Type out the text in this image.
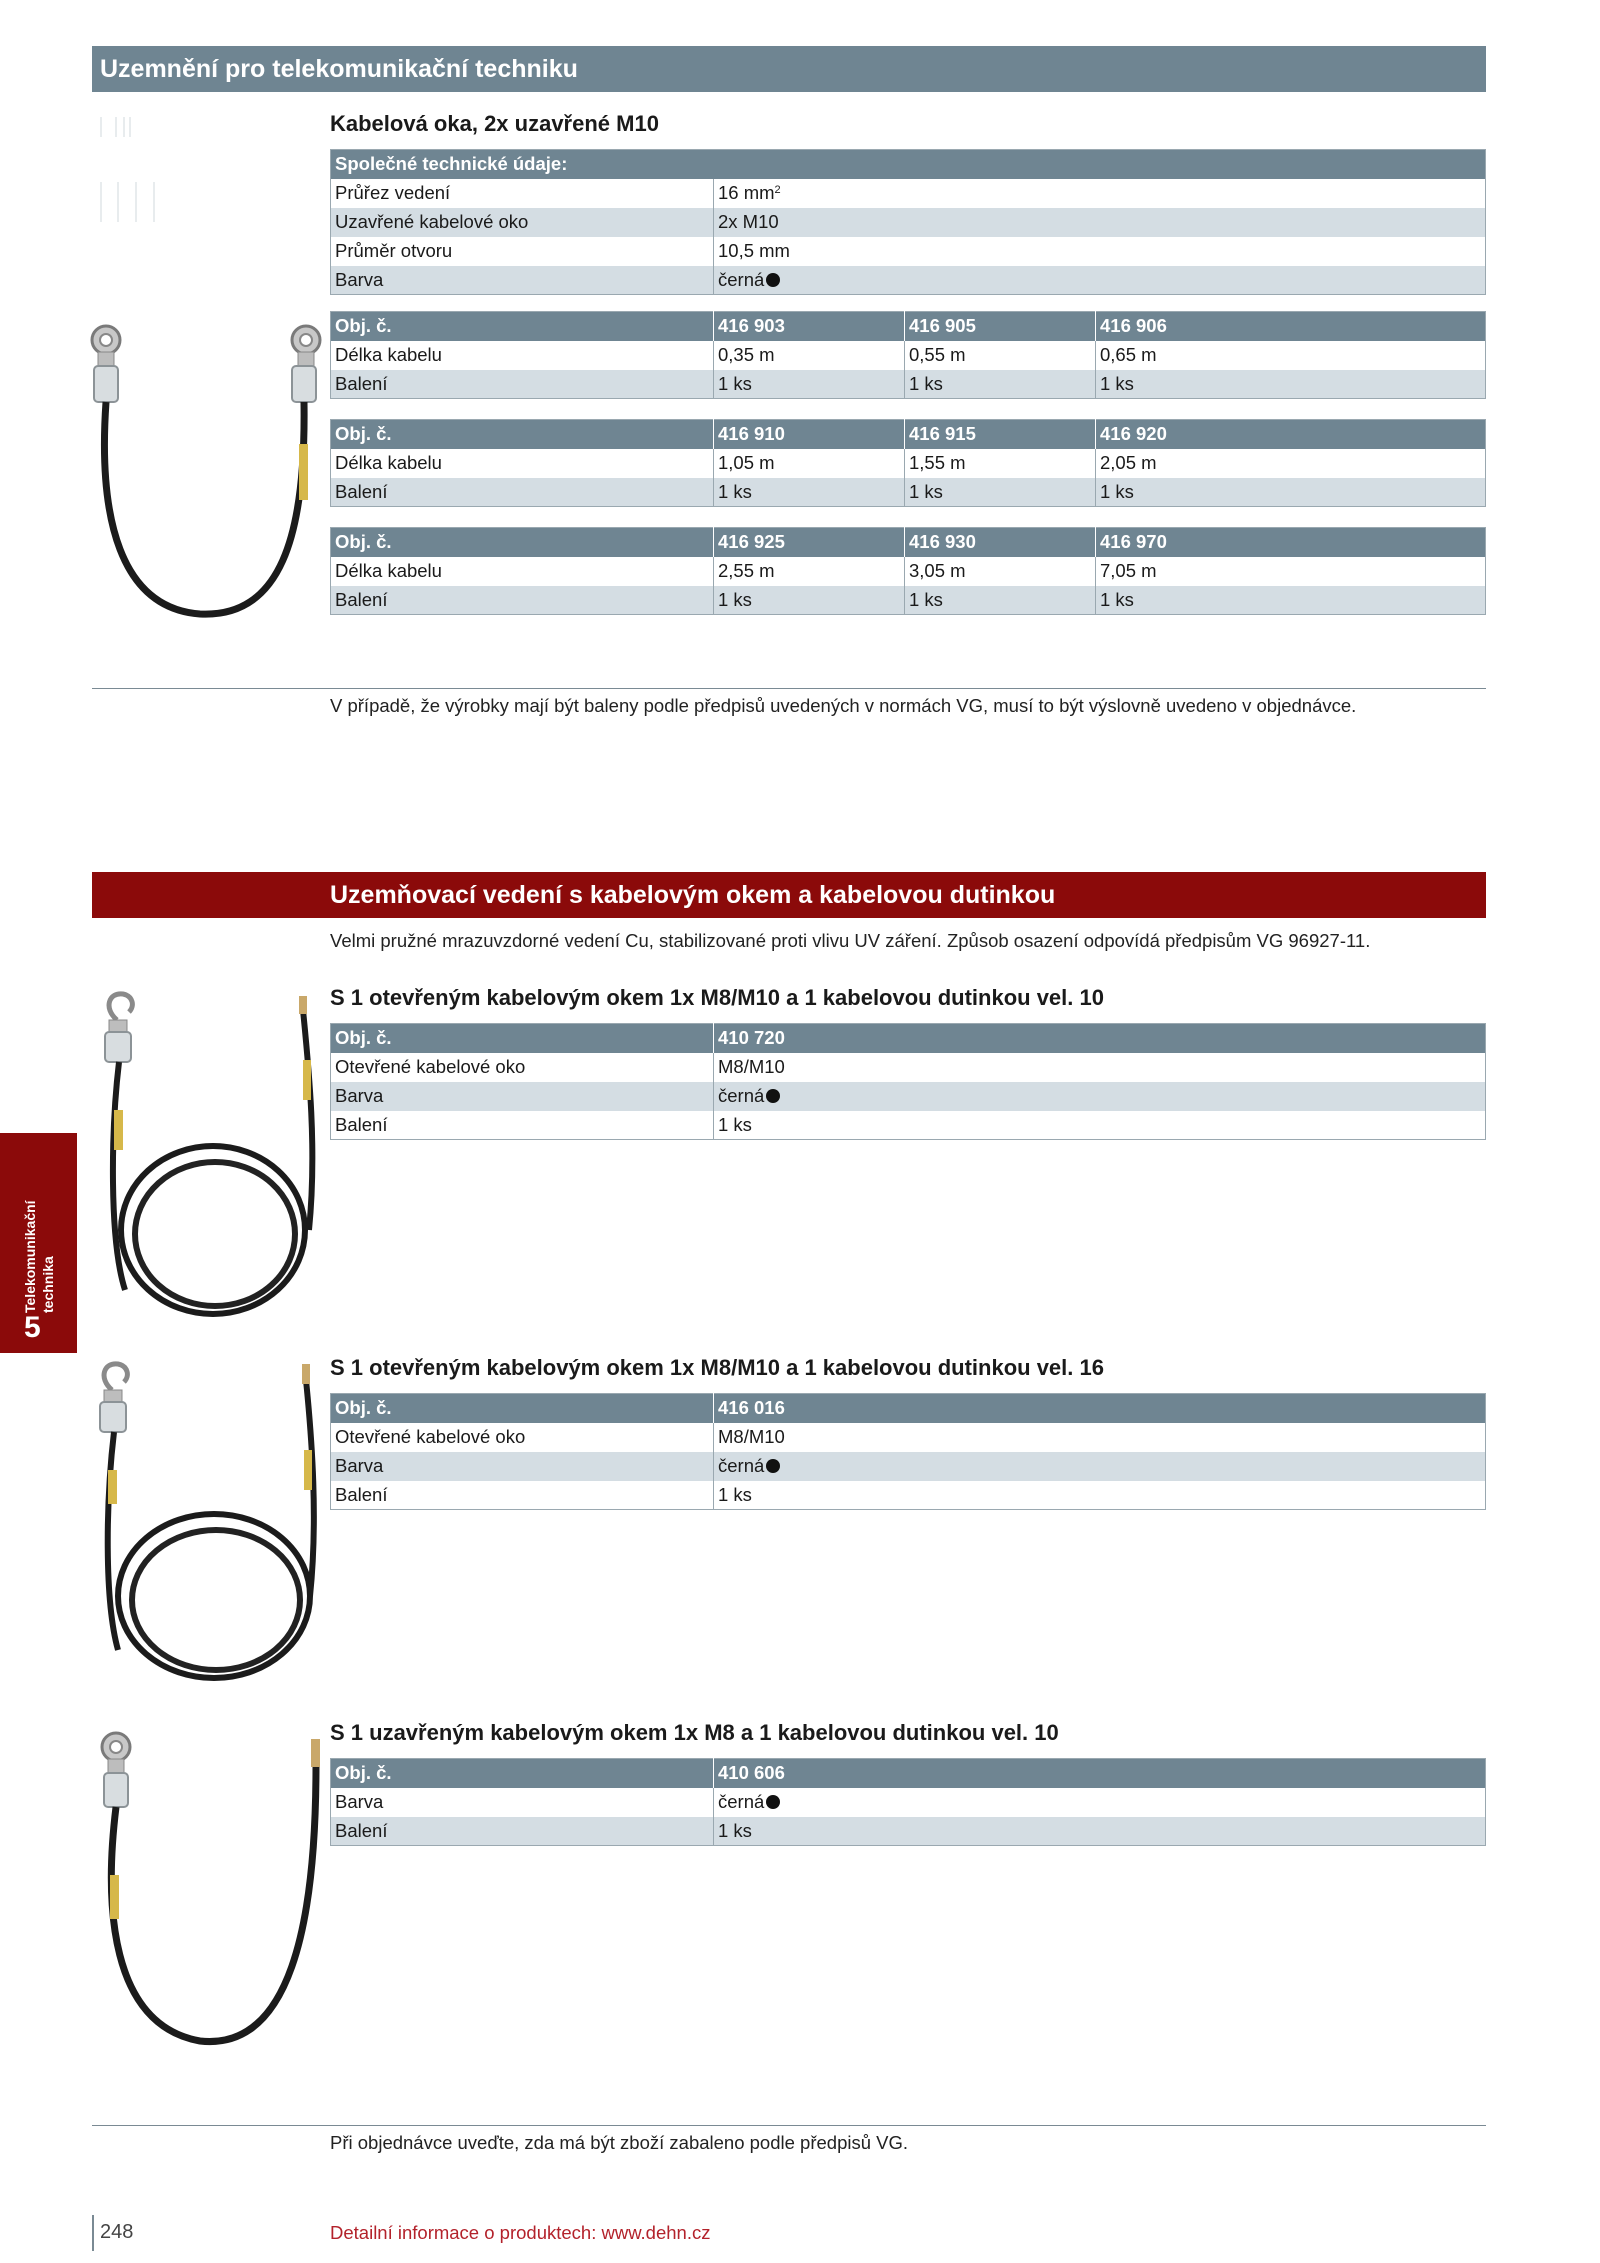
Uzemnění pro telekomunikační techniku
Kabelová oka, 2x uzavřené M10
Společné technické údaje:	
Průřez vedení	16 $mm^2$
Uzavřené kabelové oko	2x M10
Průměr otvoru	10,5 mm
Barva	černá
Obj. č.	416 903	416 905	416 906
Délka kabelu	0,35 m	0,55 m	0,65 m
Balení	1 ks	1 ks	1 ks
Obj. č.	416 910	416 915	416 920
Délka kabelu	1,05 m	1,55 m	2,05 m
Balení	1 ks	1 ks	1 ks
Obj. č.	416 925	416 930	416 970
Délka kabelu	2,55 m	3,05 m	7,05 m
Balení	1 ks	1 ks	1 ks
V případě, že výrobky mají být baleny podle předpisů uvedených v normách VG, musí to být výslovně uvedeno v objednávce.
Uzemňovací vedení s kabelovým okem a kabelovou dutinkou
Velmi pružné mrazuvzdorné vedení Cu, stabilizované proti vlivu UV záření. Způsob osazení odpovídá předpisům VG 96927-11.
S 1 otevřeným kabelovým okem 1x M8/M10 a 1 kabelovou dutinkou vel. 10
Obj. č.	410 720
Otevřené kabelové oko	M8/M10
Barva	černá
Balení	1 ks
S 1 otevřeným kabelovým okem 1x M8/M10 a 1 kabelovou dutinkou vel. 16
Obj. č.	416 016
Otevřené kabelové oko	M8/M10
Barva	černá
Balení	1 ks
S 1 uzavřeným kabelovým okem 1x M8 a 1 kabelovou dutinkou vel. 10
Obj. č.	410 606
Barva	černá
Balení	1 ks
Při objednávce uveďte, zda má být zboží zabaleno podle předpisů VG.
Telekomunikační technika
5
248	Detailní informace o produktech: www.dehn.cz
